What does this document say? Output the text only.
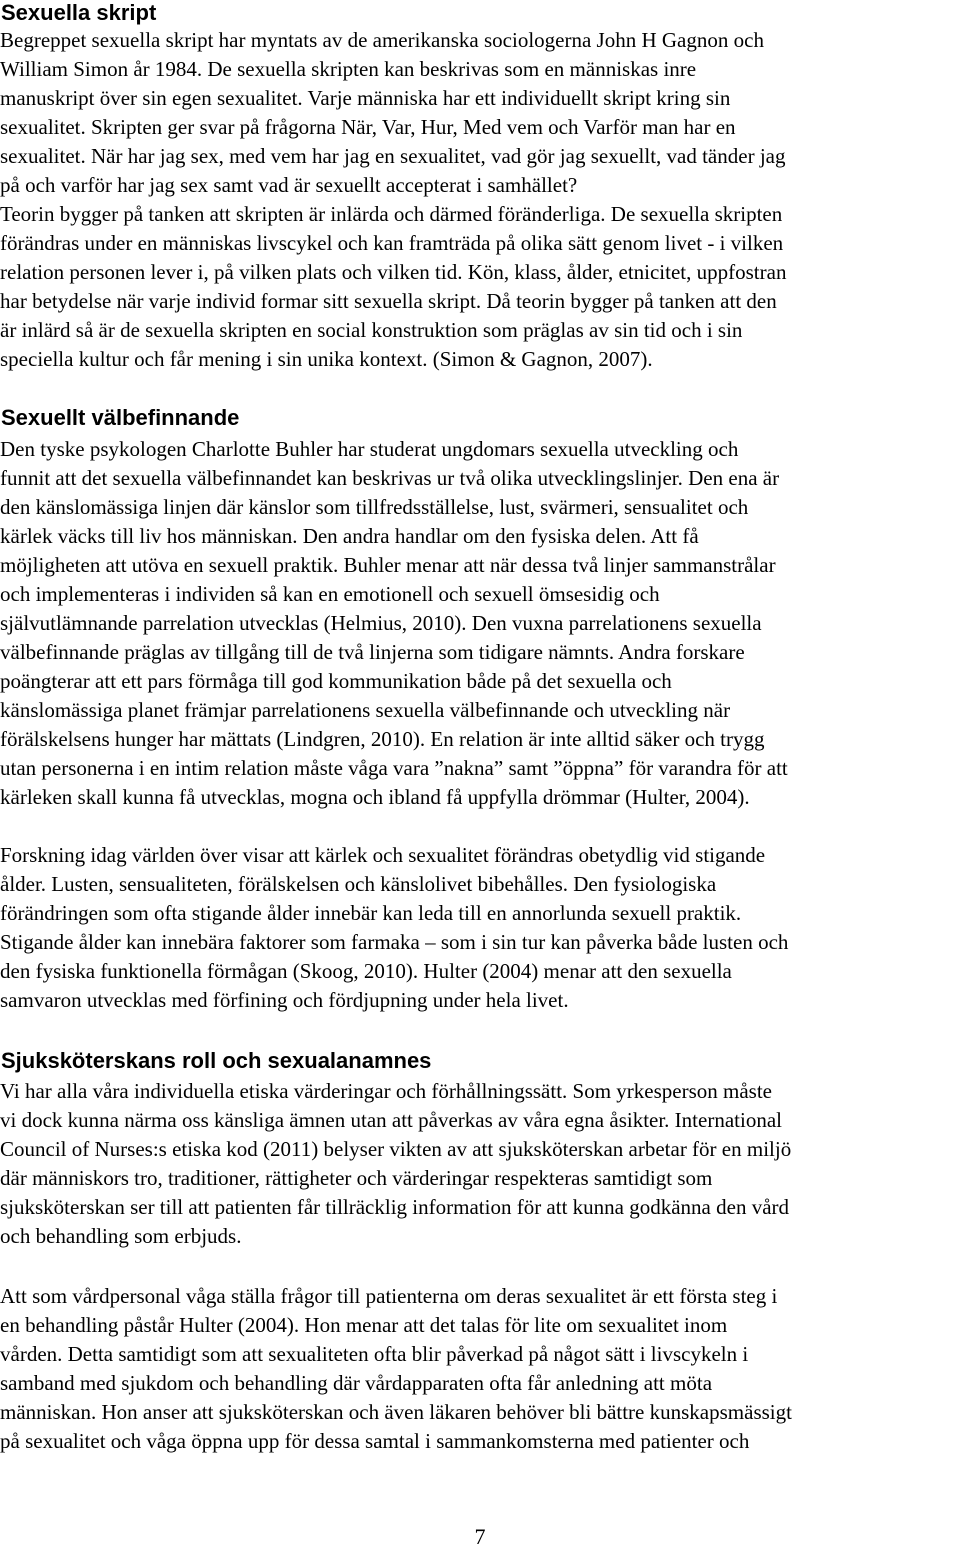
Sexuella skript
Begreppet sexuella skript har myntats av de amerikanska sociologerna John H Gagnon och
William Simon år 1984. De sexuella skripten kan beskrivas som en människas inre
manuskript över sin egen sexualitet. Varje människa har ett individuellt skript kring sin
sexualitet. Skripten ger svar på frågorna När, Var, Hur, Med vem och Varför man har en
sexualitet. När har jag sex, med vem har jag en sexualitet, vad gör jag sexuellt, vad tänder jag
på och varför har jag sex samt vad är sexuellt accepterat i samhället?
Teorin bygger på tanken att skripten är inlärda och därmed föränderliga. De sexuella skripten
förändras under en människas livscykel och kan framträda på olika sätt genom livet - i vilken
relation personen lever i, på vilken plats och vilken tid. Kön, klass, ålder, etnicitet, uppfostran
har betydelse när varje individ formar sitt sexuella skript. Då teorin bygger på tanken att den
är inlärd så är de sexuella skripten en social konstruktion som präglas av sin tid och i sin
speciella kultur och får mening i sin unika kontext. (Simon & Gagnon, 2007).
Sexuellt välbefinnande
Den tyske psykologen Charlotte Buhler har studerat ungdomars sexuella utveckling och
funnit att det sexuella välbefinnandet kan beskrivas ur två olika utvecklingslinjer. Den ena är
den känslomässiga linjen där känslor som tillfredsställelse, lust, svärmeri, sensualitet och
kärlek väcks till liv hos människan. Den andra handlar om den fysiska delen. Att få
möjligheten att utöva en sexuell praktik. Buhler menar att när dessa två linjer sammanstrålar
och implementeras i individen så kan en emotionell och sexuell ömsesidig och
självutlämnande parrelation utvecklas (Helmius, 2010). Den vuxna parrelationens sexuella
välbefinnande präglas av tillgång till de två linjerna som tidigare nämnts. Andra forskare
poängterar att ett pars förmåga till god kommunikation både på det sexuella och
känslomässiga planet främjar parrelationens sexuella välbefinnande och utveckling när
förälskelsens hunger har mättats (Lindgren, 2010). En relation är inte alltid säker och trygg
utan personerna i en intim relation måste våga vara ”nakna” samt ”öppna” för varandra för att
kärleken skall kunna få utvecklas, mogna och ibland få uppfylla drömmar (Hulter, 2004).
Forskning idag världen över visar att kärlek och sexualitet förändras obetydlig vid stigande
ålder. Lusten, sensualiteten, förälskelsen och känslolivet bibehålles. Den fysiologiska
förändringen som ofta stigande ålder innebär kan leda till en annorlunda sexuell praktik.
Stigande ålder kan innebära faktorer som farmaka – som i sin tur kan påverka både lusten och
den fysiska funktionella förmågan (Skoog, 2010). Hulter (2004) menar att den sexuella
samvaron utvecklas med förfining och fördjupning under hela livet.
Sjuksköterskans roll och sexualanamnes
Vi har alla våra individuella etiska värderingar och förhållningssätt. Som yrkesperson måste
vi dock kunna närma oss känsliga ämnen utan att påverkas av våra egna åsikter. International
Council of Nurses:s etiska kod (2011) belyser vikten av att sjuksköterskan arbetar för en miljö
där människors tro, traditioner, rättigheter och värderingar respekteras samtidigt som
sjuksköterskan ser till att patienten får tillräcklig information för att kunna godkänna den vård
och behandling som erbjuds.
Att som vårdpersonal våga ställa frågor till patienterna om deras sexualitet är ett första steg i
en behandling påstår Hulter (2004). Hon menar att det talas för lite om sexualitet inom
vården. Detta samtidigt som att sexualiteten ofta blir påverkad på något sätt i livscykeln i
samband med sjukdom och behandling där vårdapparaten ofta får anledning att möta
människan. Hon anser att sjuksköterskan och även läkaren behöver bli bättre kunskapsmässigt
på sexualitet och våga öppna upp för dessa samtal i sammankomsterna med patienter och
7
